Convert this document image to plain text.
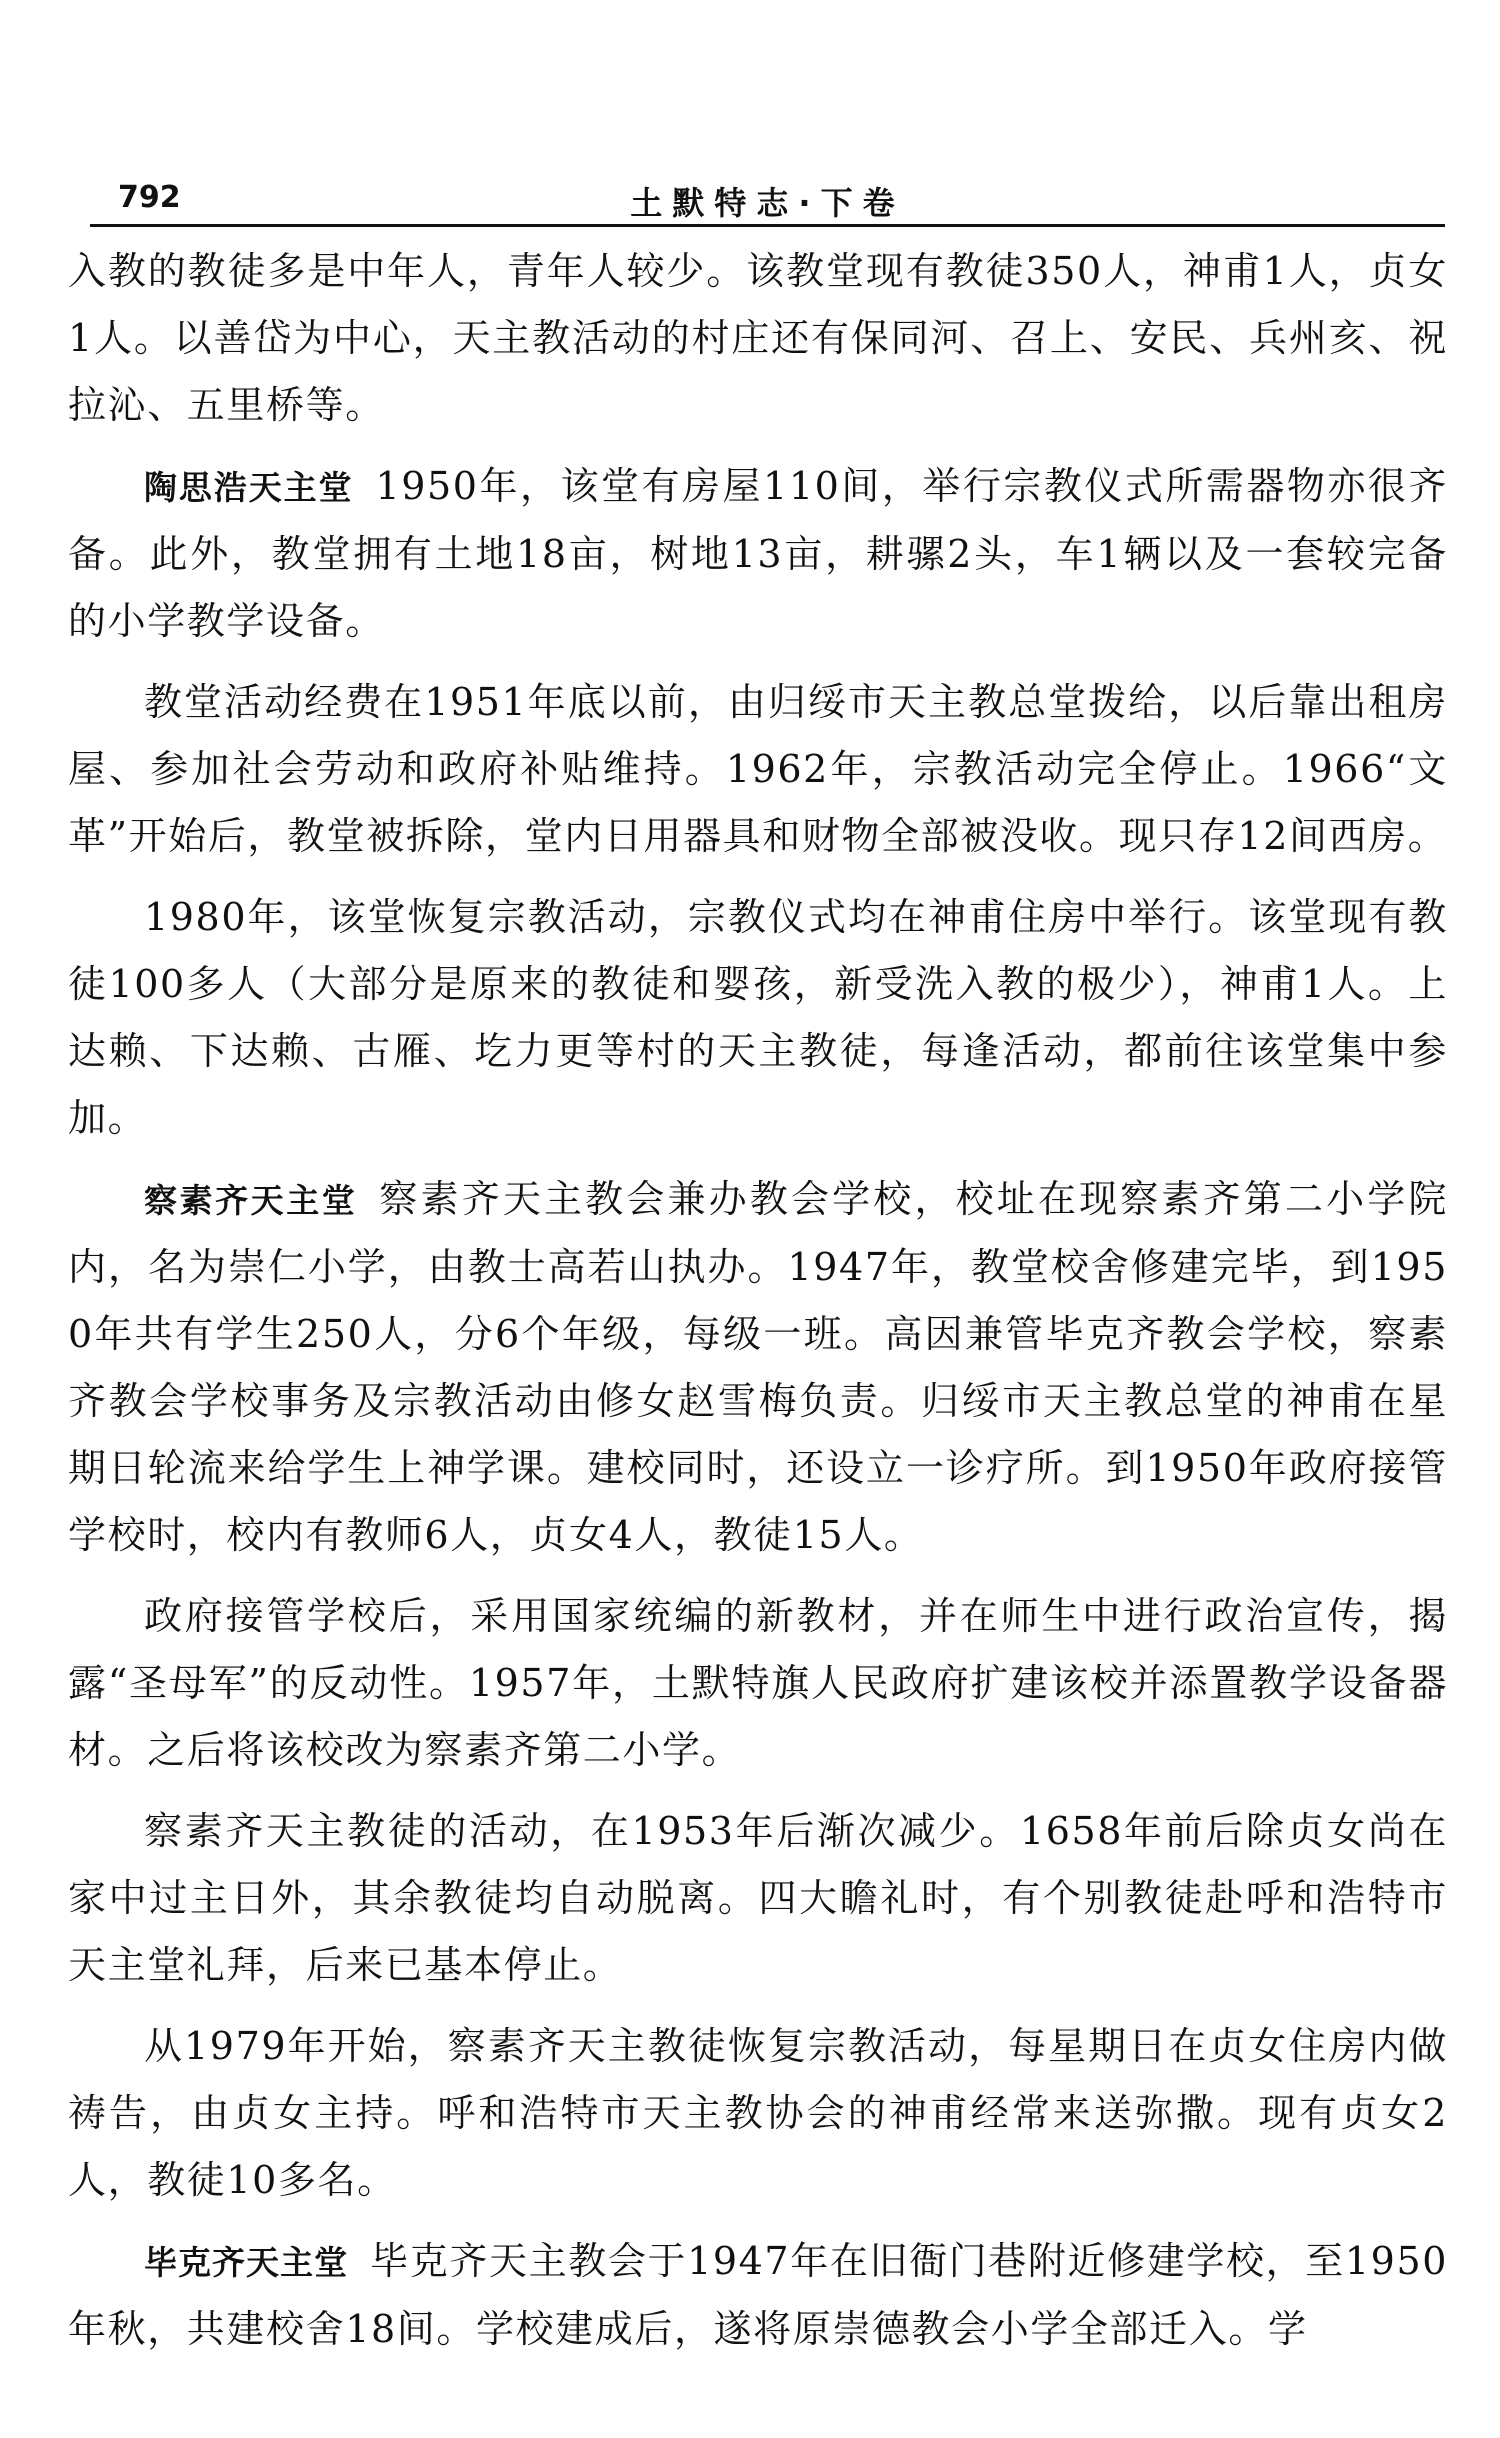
792	土默特志·下卷

入教的教徒多是中年人，青年人较少。该教堂现有教徒350人，神甫1人，贞女1人。以善岱为中心，天主教活动的村庄还有保同河、召上、安民、兵州亥、祝拉沁、五里桥等。

陶思浩天主堂 1950年，该堂有房屋110间，举行宗教仪式所需器物亦很齐备。此外，教堂拥有土地18亩，树地13亩，耕骡2头，车1辆以及一套较完备的小学教学设备。

教堂活动经费在1951年底以前，由归绥市天主教总堂拨给，以后靠出租房屋、参加社会劳动和政府补贴维持。1962年，宗教活动完全停止。1966“文革”开始后，教堂被拆除，堂内日用器具和财物全部被没收。现只存12间西房。

1980年，该堂恢复宗教活动，宗教仪式均在神甫住房中举行。该堂现有教徒100多人（大部分是原来的教徒和婴孩，新受洗入教的极少），神甫1人。上达赖、下达赖、古雁、圪力更等村的天主教徒，每逢活动，都前往该堂集中参加。

察素齐天主堂 察素齐天主教会兼办教会学校，校址在现察素齐第二小学院内，名为崇仁小学，由教士高若山执办。1947年，教堂校舍修建完毕，到1950年共有学生250人，分6个年级，每级一班。高因兼管毕克齐教会学校，察素齐教会学校事务及宗教活动由修女赵雪梅负责。归绥市天主教总堂的神甫在星期日轮流来给学生上神学课。建校同时，还设立一诊疗所。到1950年政府接管学校时，校内有教师6人，贞女4人，教徒15人。

政府接管学校后，采用国家统编的新教材，并在师生中进行政治宣传，揭露“圣母军”的反动性。1957年，土默特旗人民政府扩建该校并添置教学设备器材。之后将该校改为察素齐第二小学。

察素齐天主教徒的活动，在1953年后渐次减少。1658年前后除贞女尚在家中过主日外，其余教徒均自动脱离。四大瞻礼时，有个别教徒赴呼和浩特市天主堂礼拜，后来已基本停止。

从1979年开始，察素齐天主教徒恢复宗教活动，每星期日在贞女住房内做祷告，由贞女主持。呼和浩特市天主教协会的神甫经常来送弥撒。现有贞女2人，教徒10多名。

毕克齐天主堂 毕克齐天主教会于1947年在旧衙门巷附近修建学校，至1950年秋，共建校舍18间。学校建成后，遂将原崇德教会小学全部迁入。学
